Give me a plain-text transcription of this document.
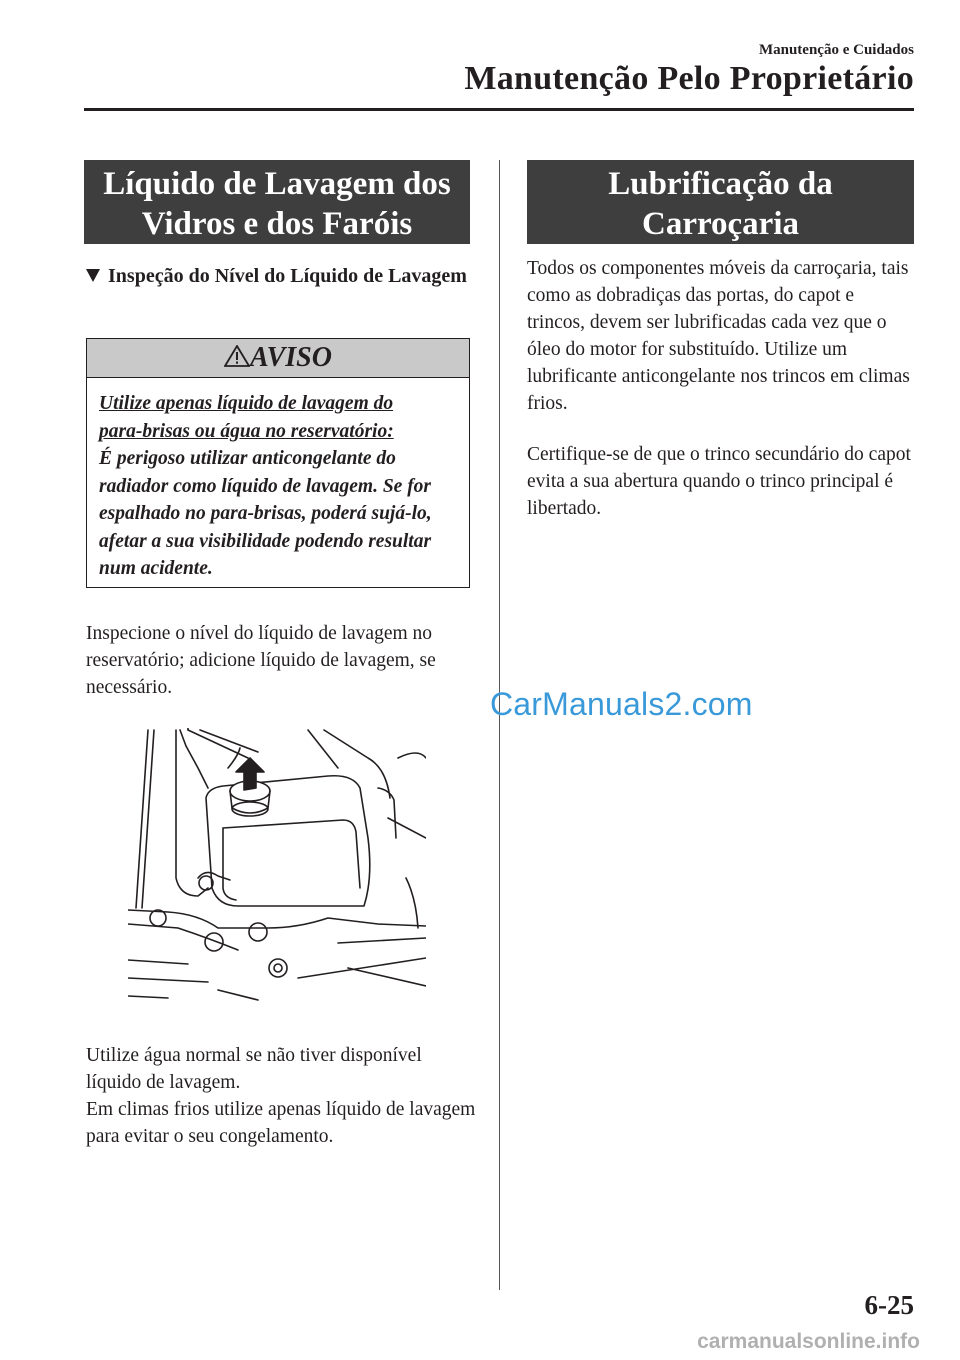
Manutenção e Cuidados
Manutenção Pelo Proprietário
Líquido de Lavagem dos
Vidros e dos Faróis
Inspeção do Nível do Líquido de Lavagem
AVISO
Utilize apenas líquido de lavagem do
para-brisas ou água no reservatório:
É perigoso utilizar anticongelante do radiador como líquido de lavagem. Se for espalhado no para-brisas, poderá sujá-lo, afetar a sua visibilidade podendo resultar num acidente.
Inspecione o nível do líquido de lavagem no reservatório; adicione líquido de lavagem, se necessário.
Utilize água normal se não tiver disponível líquido de lavagem.
Em climas frios utilize apenas líquido de lavagem para evitar o seu congelamento.
Lubrificação da
Carroçaria
Todos os componentes móveis da carroçaria, tais como as dobradiças das portas, do capot e trincos, devem ser lubrificadas cada vez que o óleo do motor for substituído. Utilize um lubrificante anticongelante nos trincos em climas frios.
Certifique-se de que o trinco secundário do capot evita a sua abertura quando o trinco principal é libertado.
CarManuals2.com
6-25
carmanualsonline.info
